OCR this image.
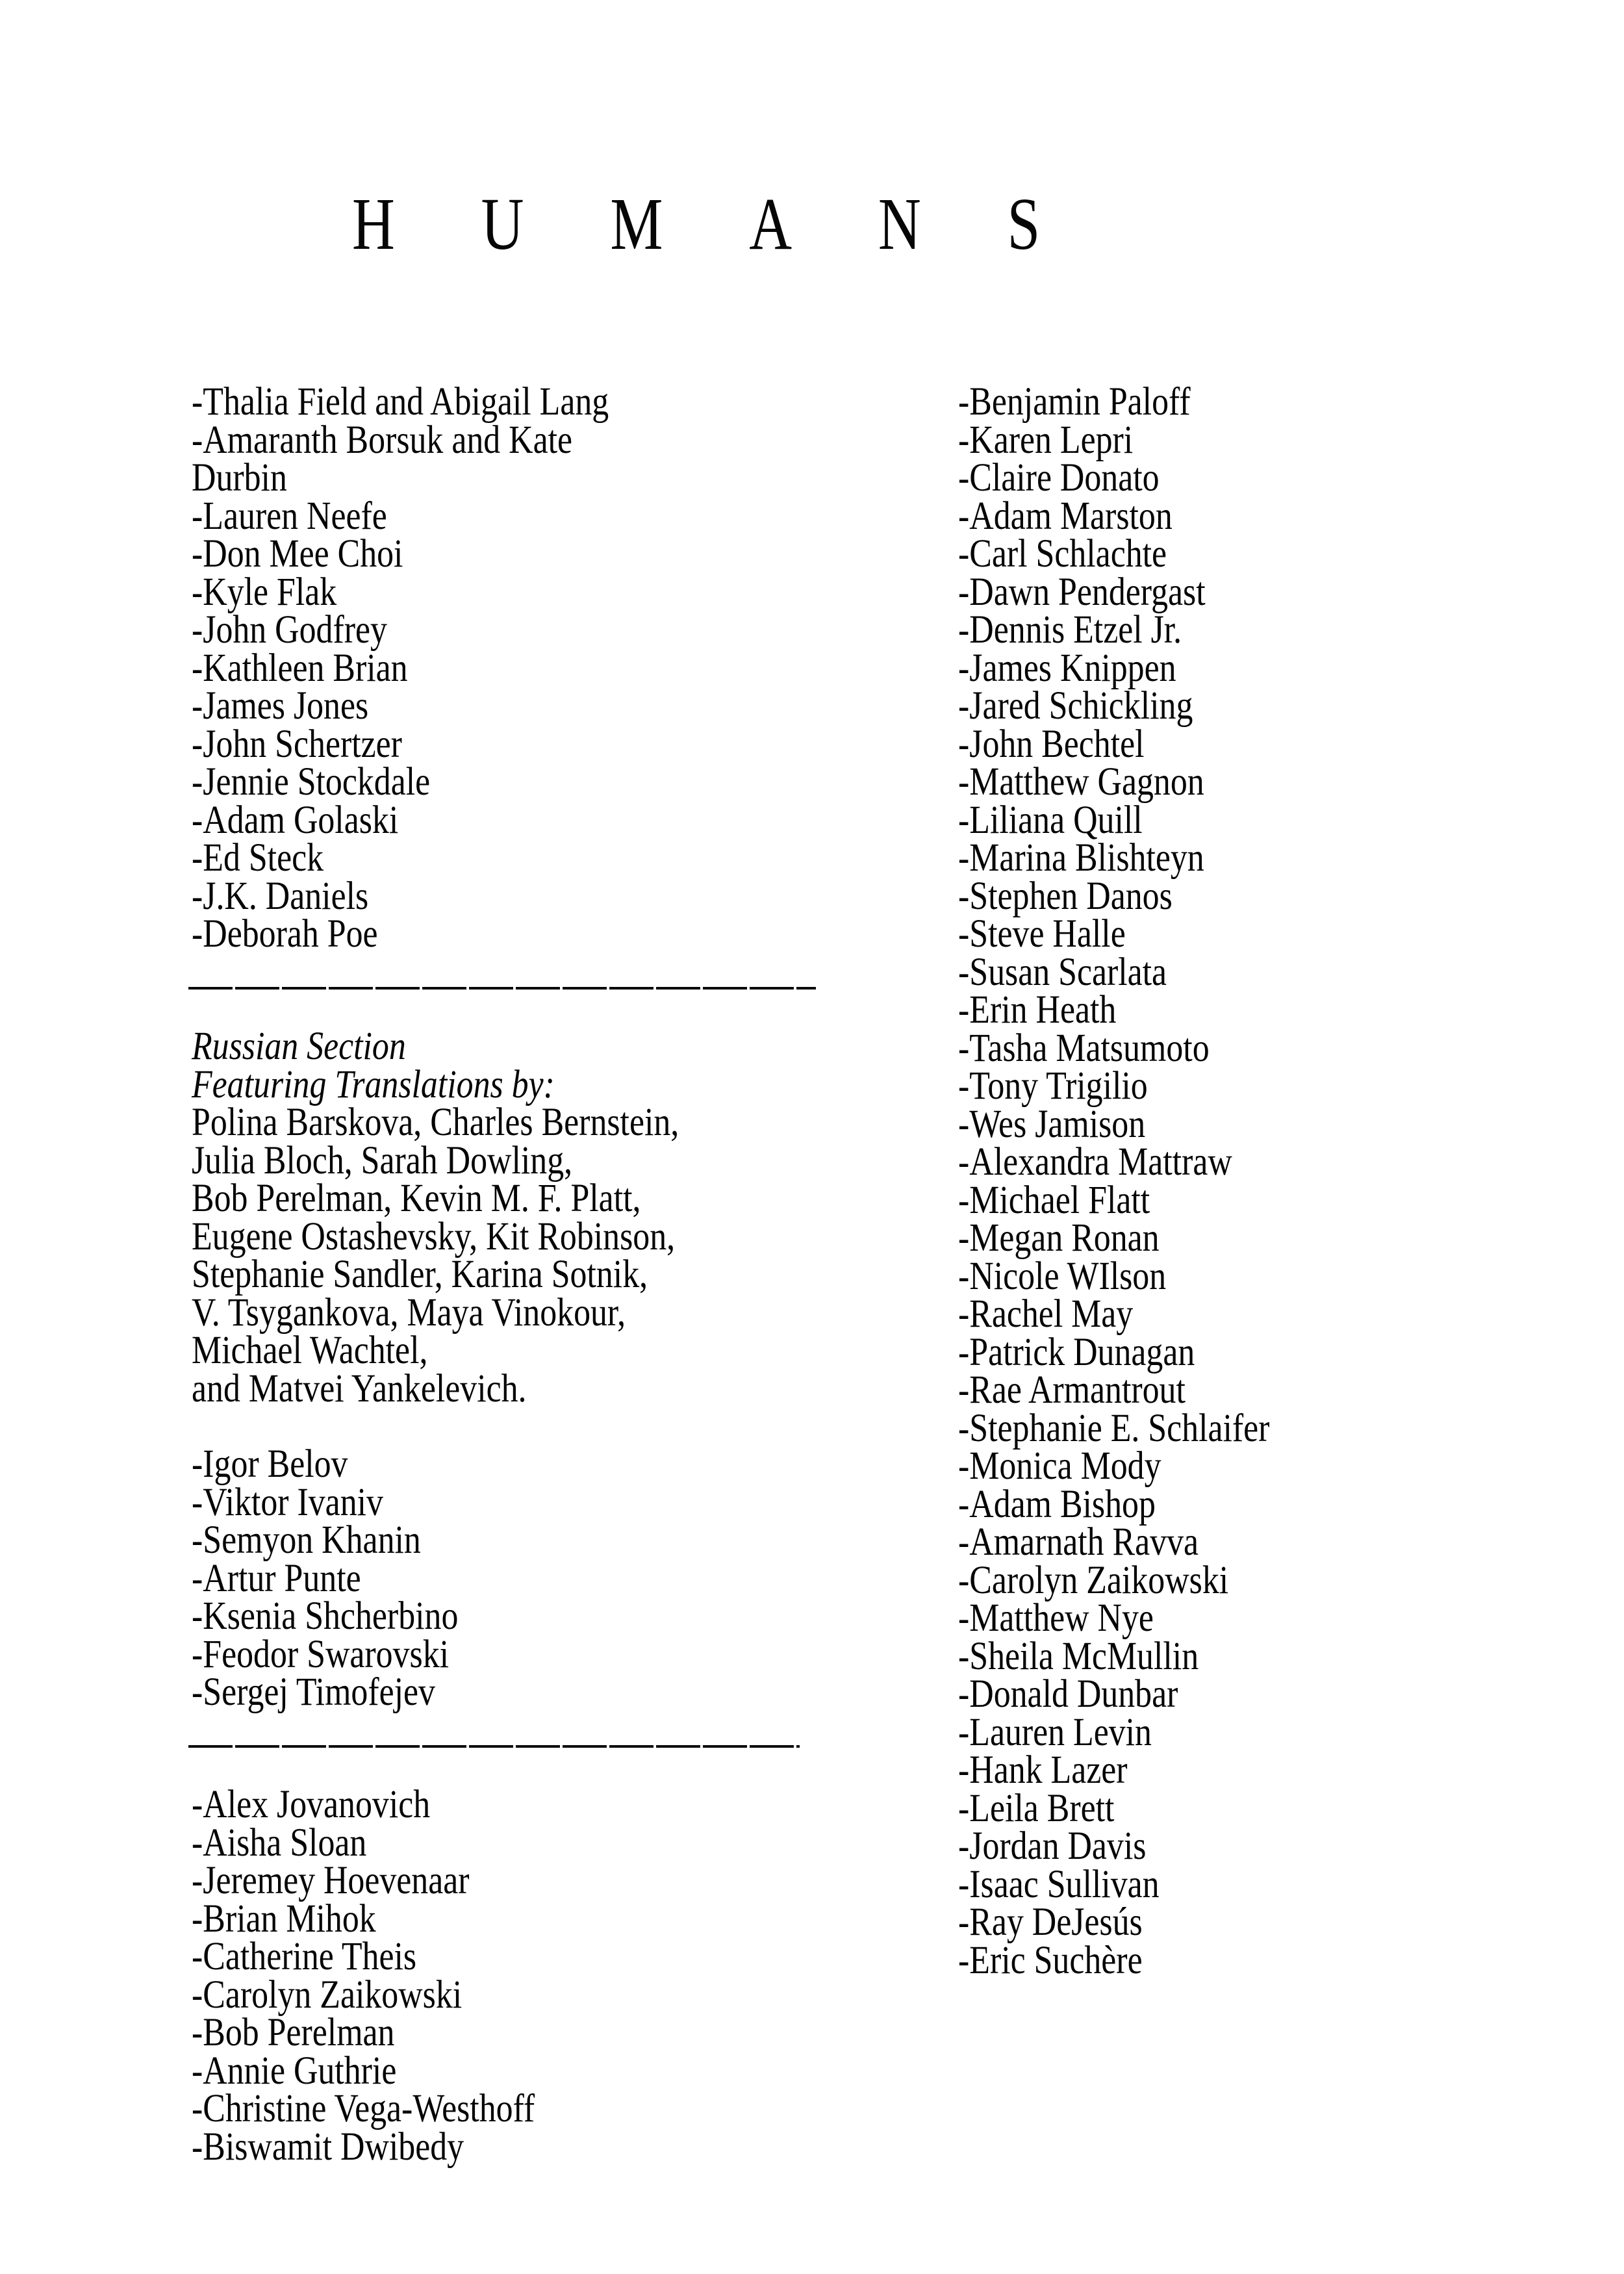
HUMANS
-Thalia Field and Abigail Lang
-Amaranth Borsuk and Kate
Durbin
-Lauren Neefe
-Don Mee Choi
-Kyle Flak
-John Godfrey
-Kathleen Brian
-James Jones
-John Schertzer
-Jennie Stockdale
-Adam Golaski
-Ed Steck
-J.K. Daniels
-Deborah Poe
Russian Section
Featuring Translations by:
Polina Barskova, Charles Bernstein,
Julia Bloch, Sarah Dowling,
Bob Perelman, Kevin M. F. Platt,
Eugene Ostashevsky, Kit Robinson,
Stephanie Sandler, Karina Sotnik,
V. Tsygankova, Maya Vinokour,
Michael Wachtel,
and Matvei Yankelevich.
-Igor Belov
-Viktor Ivaniv
-Semyon Khanin
-Artur Punte
-Ksenia Shcherbino
-Feodor Swarovski
-Sergej Timofejev
-Alex Jovanovich
-Aisha Sloan
-Jeremey Hoevenaar
-Brian Mihok
-Catherine Theis
-Carolyn Zaikowski
-Bob Perelman
-Annie Guthrie
-Christine Vega-Westhoff
-Biswamit Dwibedy
-Benjamin Paloff
-Karen Lepri
-Claire Donato
-Adam Marston
-Carl Schlachte
-Dawn Pendergast
-Dennis Etzel Jr.
-James Knippen
-Jared Schickling
-John Bechtel
-Matthew Gagnon
-Liliana Quill
-Marina Blishteyn
-Stephen Danos
-Steve Halle
-Susan Scarlata
-Erin Heath
-Tasha Matsumoto
-Tony Trigilio
-Wes Jamison
-Alexandra Mattraw
-Michael Flatt
-Megan Ronan
-Nicole WIlson
-Rachel May
-Patrick Dunagan
-Rae Armantrout
-Stephanie E. Schlaifer
-Monica Mody
-Adam Bishop
-Amarnath Ravva
-Carolyn Zaikowski
-Matthew Nye
-Sheila McMullin
-Donald Dunbar
-Lauren Levin
-Hank Lazer
-Leila Brett
-Jordan Davis
-Isaac Sullivan
-Ray DeJesús
-Eric Suchère
